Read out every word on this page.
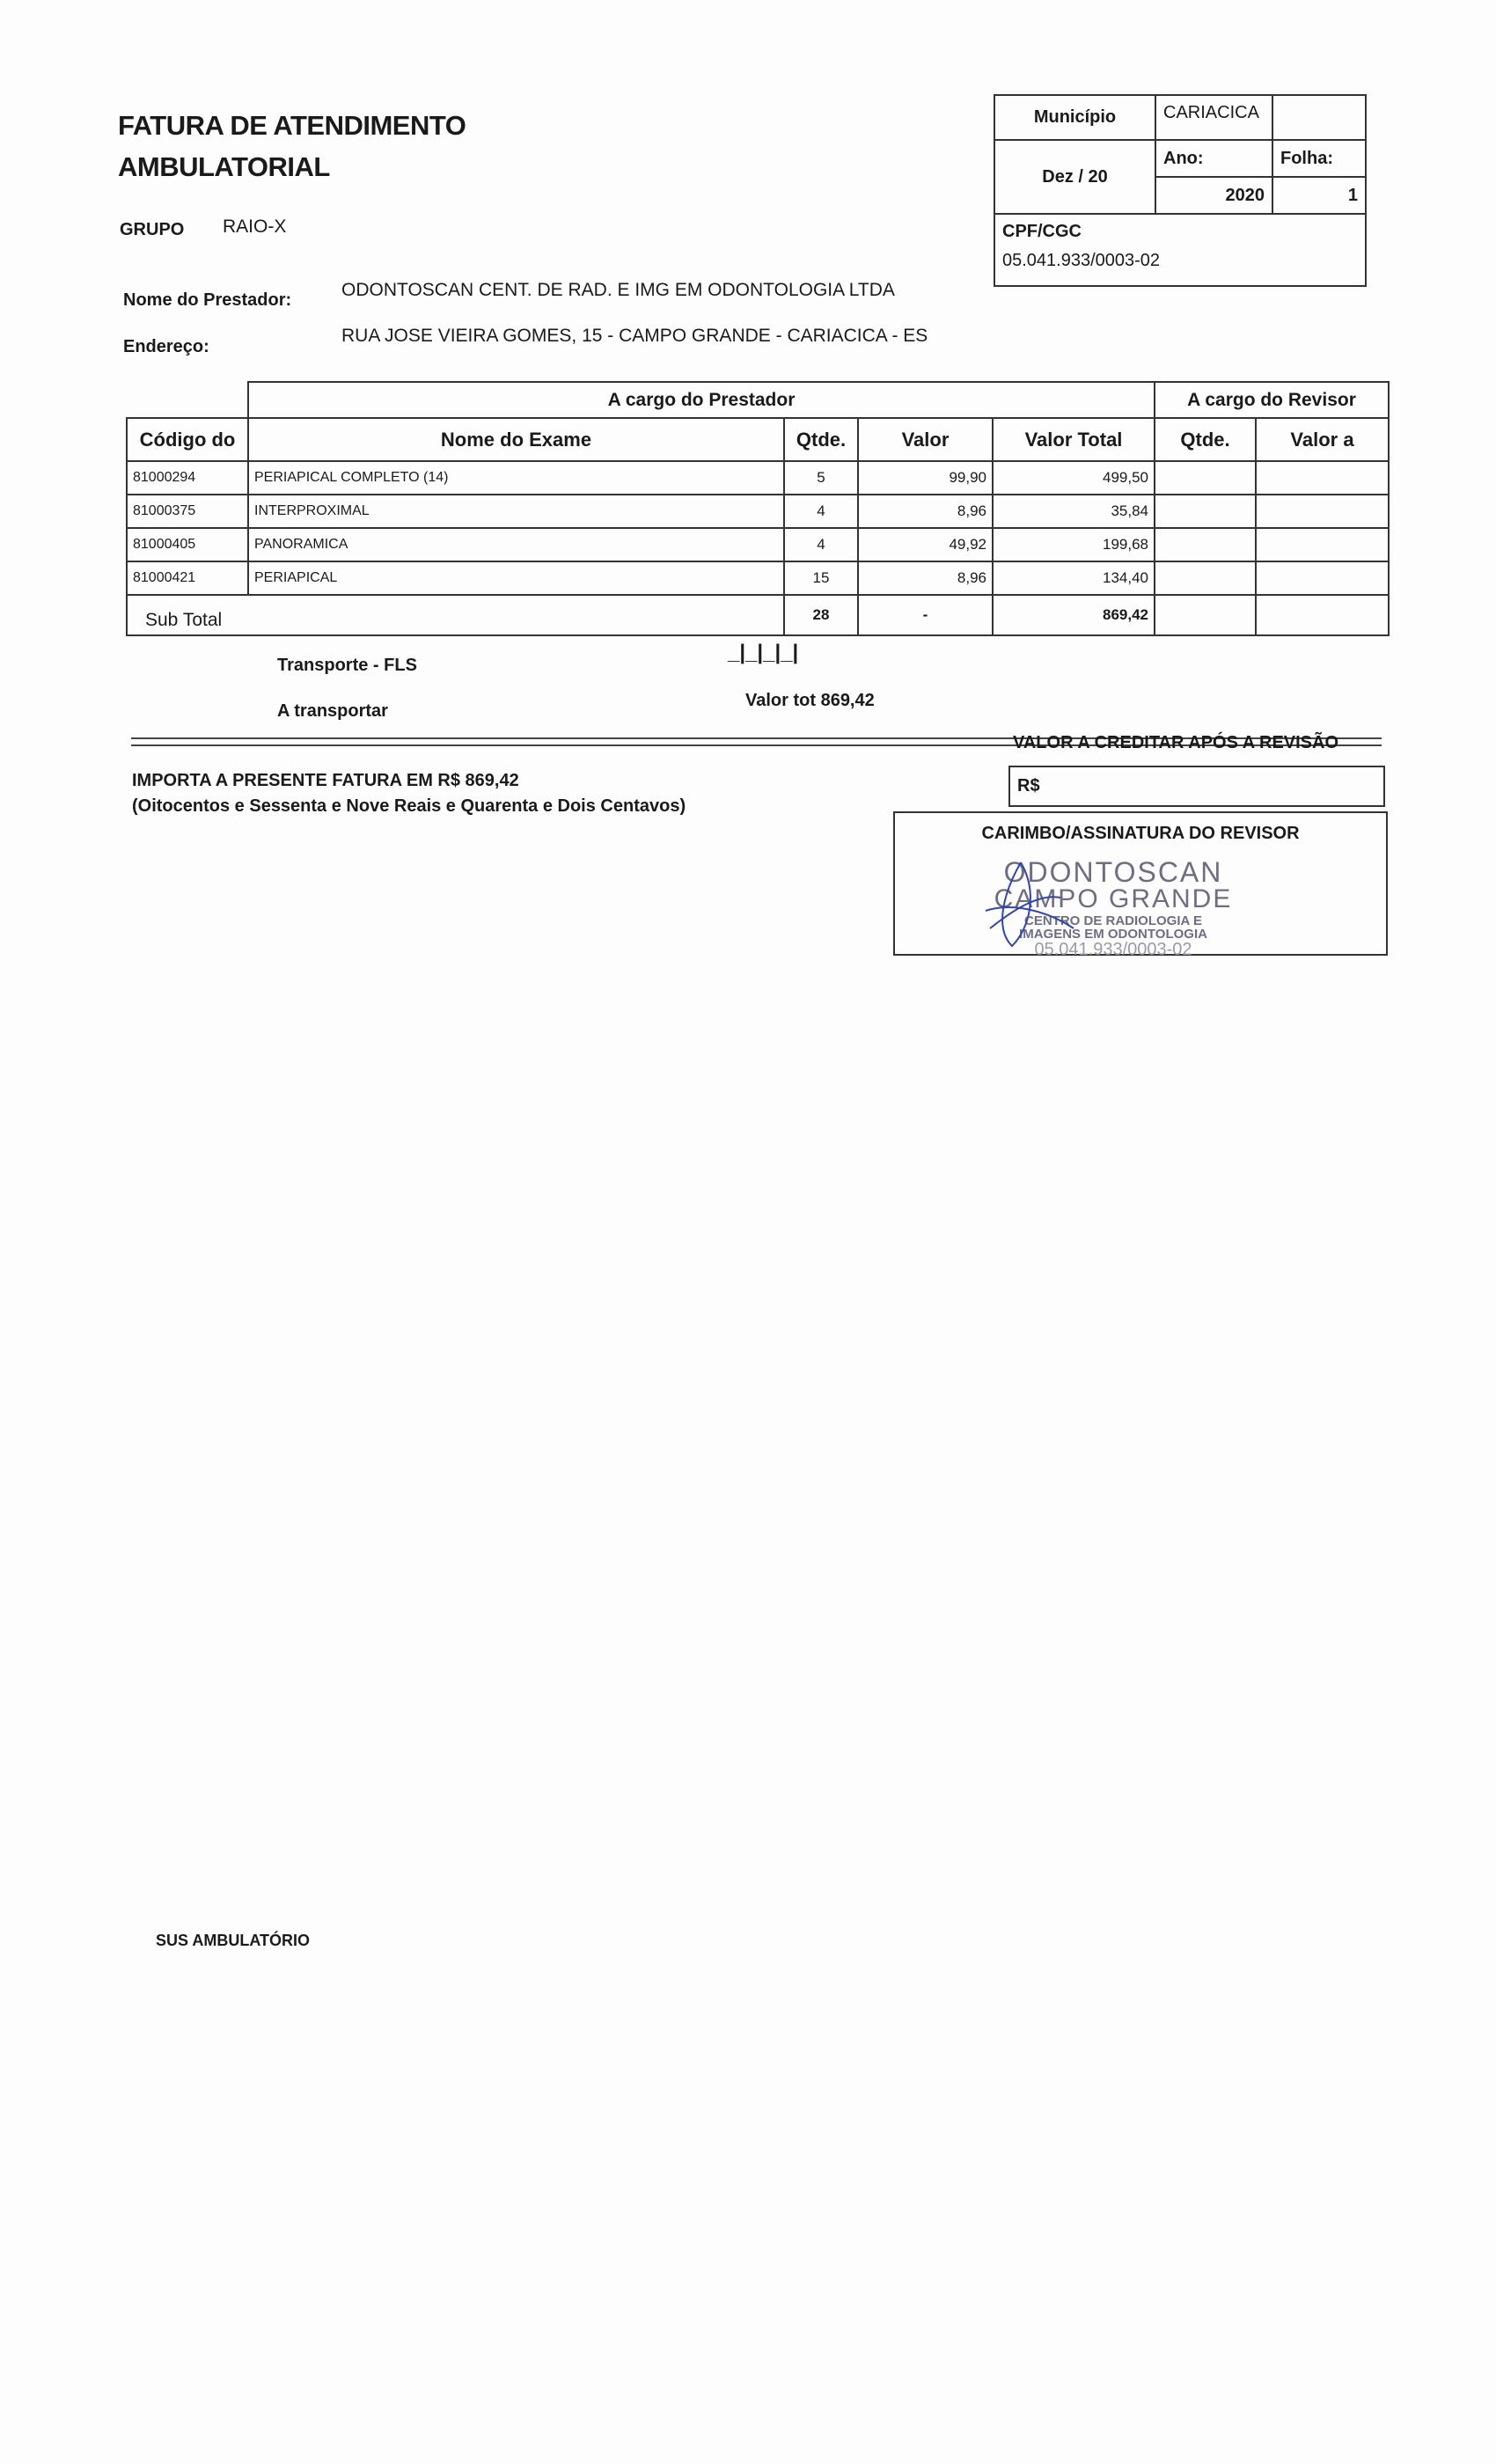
FATURA DE ATENDIMENTO
AMBULATORIAL
GRUPO RAIO-X
Município	CARIACICA	
Dez / 20	Ano:	Folha:
	2020	1

CPF/CGC
05.041.933/0003-02		
Nome do Prestador:	ODONTOSCAN CENT. DE RAD. E IMG EM ODONTOLOGIA LTDA
Endereço:
RUA JOSE VIEIRA GOMES, 15 - CAMPO GRANDE - CARIACICA - ES
	A cargo do Prestador				A cargo do Revisor	
Código do	Nome do Exame	Qtde.	Valor	Valor Total	Qtde.	Valor a
81000294	PERIAPICAL COMPLETO (14)	5	99,90	499,50		
81000375	INTERPROXIMAL	4	8,96	35,84		
81000405	PANORAMICA	4	49,92	199,68		
81000421	PERIAPICAL	15	8,96	134,40		
Sub Total		28	-	869,42		
Transporte - FLS
_|_|_|_|
A transportar
Valor tot 869,42
VALOR A CREDITAR APÓS A REVISÃO
IMPORTA A PRESENTE FATURA EM R$ 869,42
(Oitocentos e Sessenta e Nove Reais e Quarenta e Dois Centavos)
R$
CARIMBO/ASSINATURA DO REVISOR
ODONTOSCAN
CAMPO GRANDE
CENTRO DE RADIOLOGIA E
IMAGENS EM ODONTOLOGIA
05.041.933/0003-02
SUS AMBULATÓRIO
